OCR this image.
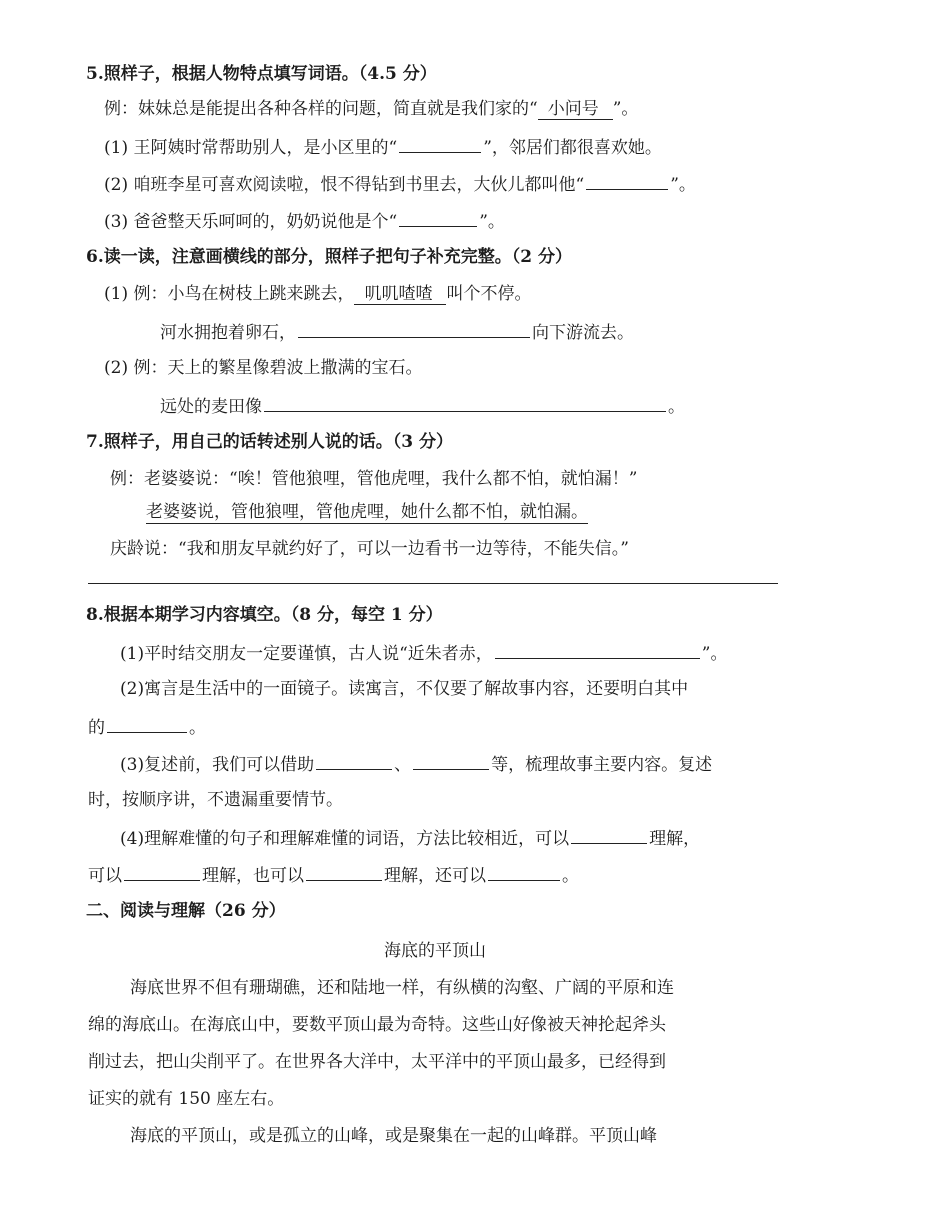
5.照样子，根据人物特点填写词语。（4.5 分）
例：妹妹总是能提出各种各样的问题，简直就是我们家的“ 小问号 ”。
(1) 王阿姨时常帮助别人，是小区里的“	”，邻居们都很喜欢她。
(2) 咱班李星可喜欢阅读啦，恨不得钻到书里去，大伙儿都叫他“	”。
(3) 爸爸整天乐呵呵的，奶奶说他是个“	”。
6.读一读，注意画横线的部分，照样子把句子补充完整。（2 分）
(1) 例：小鸟在树枝上跳来跳去， 叽叽喳喳 叫个不停。
河水拥抱着卵石，	向下游流去。
(2) 例：天上的繁星像碧波上撒满的宝石。
远处的麦田像	。
7.照样子，用自己的话转述别人说的话。（3 分）
例：老婆婆说：“唉！管他狼哩，管他虎哩，我什么都不怕，就怕漏！”
老婆婆说，管他狼哩，管他虎哩，她什么都不怕，就怕漏。
庆龄说：“我和朋友早就约好了，可以一边看书一边等待，不能失信。”
8.根据本期学习内容填空。（8 分，每空 1 分）
(1)平时结交朋友一定要谨慎，古人说“近朱者赤，	”。
(2)寓言是生活中的一面镜子。读寓言，不仅要了解故事内容，还要明白其中
的	。
(3)复述前，我们可以借助	、	等，梳理故事主要内容。复述
时，按顺序讲，不遗漏重要情节。
(4)理解难懂的句子和理解难懂的词语，方法比较相近，可以	理解，
可以	理解，也可以	理解，还可以	。
二、阅读与理解（26 分）
海底的平顶山
海底世界不但有珊瑚礁，还和陆地一样，有纵横的沟壑、广阔的平原和连
绵的海底山。在海底山中，要数平顶山最为奇特。这些山好像被天神抡起斧头
削过去，把山尖削平了。在世界各大洋中，太平洋中的平顶山最多，已经得到
证实的就有 150 座左右。
海底的平顶山，或是孤立的山峰，或是聚集在一起的山峰群。平顶山峰
